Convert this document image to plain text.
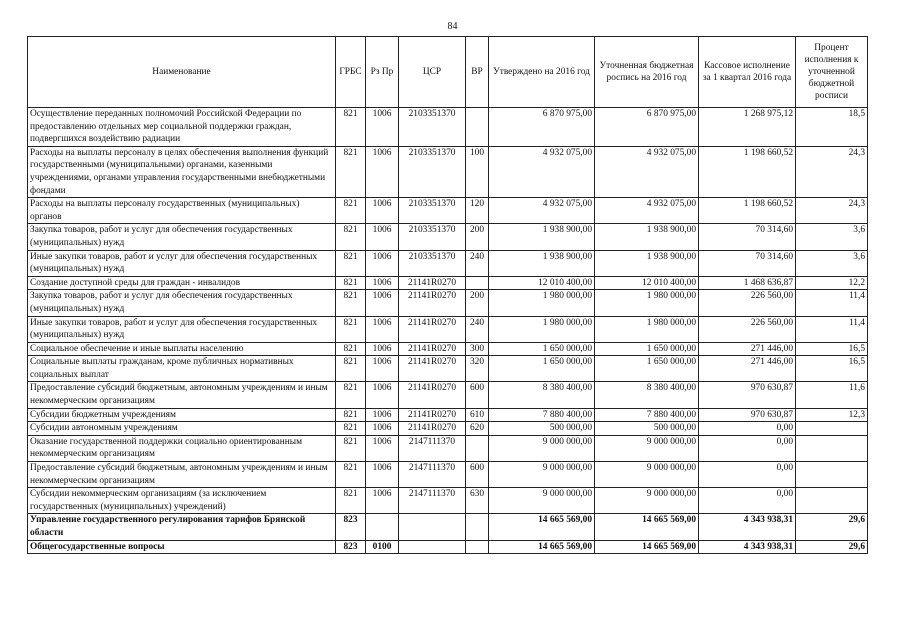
84
Наименование	ГРБС	Рз Пр	ЦСР	ВР	Утверждено на 2016 год	Уточненная бюджетная роспись на 2016 год	Кассовое исполнение за 1 квартал 2016 года	Процент исполнения к уточненной бюджетной росписи
Осуществление переданных полномочий Российской Федерации по предоставлению отдельных мер социальной поддержки граждан, подвергшихся воздействию радиации	821	1006	2103351370		6 870 975,00	6 870 975,00	1 268 975,12	18,5
Расходы на выплаты персоналу в целях обеспечения выполнения функций государственными (муниципальными) органами, казенными учреждениями, органами управления государственными внебюджетными фондами	821	1006	2103351370	100	4 932 075,00	4 932 075,00	1 198 660,52	24,3
Расходы на выплаты персоналу государственных (муниципальных) органов	821	1006	2103351370	120	4 932 075,00	4 932 075,00	1 198 660,52	24,3
Закупка товаров, работ и услуг для обеспечения государственных (муниципальных) нужд	821	1006	2103351370	200	1 938 900,00	1 938 900,00	70 314,60	3,6
Иные закупки товаров, работ и услуг для обеспечения государственных (муниципальных) нужд	821	1006	2103351370	240	1 938 900,00	1 938 900,00	70 314,60	3,6
Создание доступной среды для граждан - инвалидов	821	1006	21141R0270		12 010 400,00	12 010 400,00	1 468 636,87	12,2
Закупка товаров, работ и услуг для обеспечения государственных (муниципальных) нужд	821	1006	21141R0270	200	1 980 000,00	1 980 000,00	226 560,00	11,4
Иные закупки товаров, работ и услуг для обеспечения государственных (муниципальных) нужд	821	1006	21141R0270	240	1 980 000,00	1 980 000,00	226 560,00	11,4
Социальное обеспечение и иные выплаты населению	821	1006	21141R0270	300	1 650 000,00	1 650 000,00	271 446,00	16,5
Социальные выплаты гражданам, кроме публичных нормативных социальных выплат	821	1006	21141R0270	320	1 650 000,00	1 650 000,00	271 446,00	16,5
Предоставление субсидий бюджетным, автономным учреждениям и иным некоммерческим организациям	821	1006	21141R0270	600	8 380 400,00	8 380 400,00	970 630,87	11,6
Субсидии бюджетным учреждениям	821	1006	21141R0270	610	7 880 400,00	7 880 400,00	970 630,87	12,3
Субсидии автономным учреждениям	821	1006	21141R0270	620	500 000,00	500 000,00	0,00	
Оказание государственной поддержки социально ориентированным некоммерческим организациям	821	1006	2147111370		9 000 000,00	9 000 000,00	0,00	
Предоставление субсидий бюджетным, автономным учреждениям и иным некоммерческим организациям	821	1006	2147111370	600	9 000 000,00	9 000 000,00	0,00	
Субсидии некоммерческим организациям (за исключением государственных (муниципальных) учреждений)	821	1006	2147111370	630	9 000 000,00	9 000 000,00	0,00	
Управление государственного регулирования тарифов Брянской области	823				14 665 569,00	14 665 569,00	4 343 938,31	29,6
Общегосударственные вопросы	823	0100			14 665 569,00	14 665 569,00	4 343 938,31	29,6
